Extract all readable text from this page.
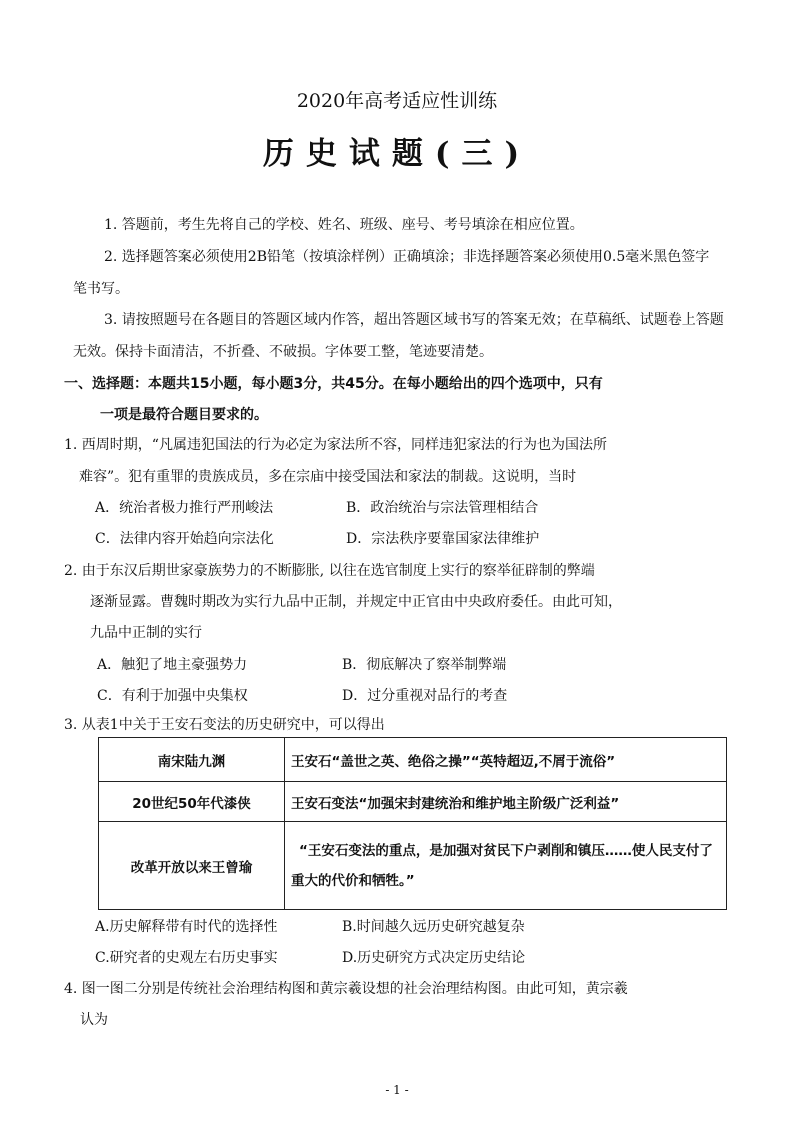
2020年高考适应性训练
历史试题(三)
1. 答题前，考生先将自己的学校、姓名、班级、座号、考号填涂在相应位置。
2. 选择题答案必须使用2B铅笔（按填涂样例）正确填涂；非选择题答案必须使用0.5毫米黑色签字
笔书写。
3. 请按照题号在各题目的答题区域内作答，超出答题区域书写的答案无效；在草稿纸、试题卷上答题
无效。保持卡面清洁，不折叠、不破损。字体要工整，笔迹要清楚。
一、选择题：本题共15小题，每小题3分，共45分。在每小题给出的四个选项中，只有
一项是最符合题目要求的。
1. 西周时期，“凡属违犯国法的行为必定为家法所不容，同样违犯家法的行为也为国法所
难容”。犯有重罪的贵族成员，多在宗庙中接受国法和家法的制裁。这说明，当时
A．统治者极力推行严刑峻法	B．政治统治与宗法管理相结合
C．法律内容开始趋向宗法化	D．宗法秩序要靠国家法律维护
2. 由于东汉后期世家豪族势力的不断膨胀, 以往在选官制度上实行的察举征辟制的弊端
逐渐显露。曹魏时期改为实行九品中正制，并规定中正官由中央政府委任。由此可知，
九品中正制的实行
A．触犯了地主豪强势力	B．彻底解决了察举制弊端
C．有利于加强中央集权	D．过分重视对品行的考查
3. 从表1中关于王安石变法的历史研究中，可以得出
南宋陆九渊	王安石“盖世之英、绝俗之操”“英特超迈,不屑于流俗”
20世纪50年代漆侠	王安石变法“加强宋封建统治和维护地主阶级广泛利益”
改革开放以来王曾瑜	“王安石变法的重点，是加强对贫民下户剥削和镇压……使人民支付了
重大的代价和牺牲。”
A.历史解释带有时代的选择性	B.时间越久远历史研究越复杂
C.研究者的史观左右历史事实	D.历史研究方式决定历史结论
4. 图一图二分别是传统社会治理结构图和黄宗羲设想的社会治理结构图。由此可知，黄宗羲
认为
- 1 -
